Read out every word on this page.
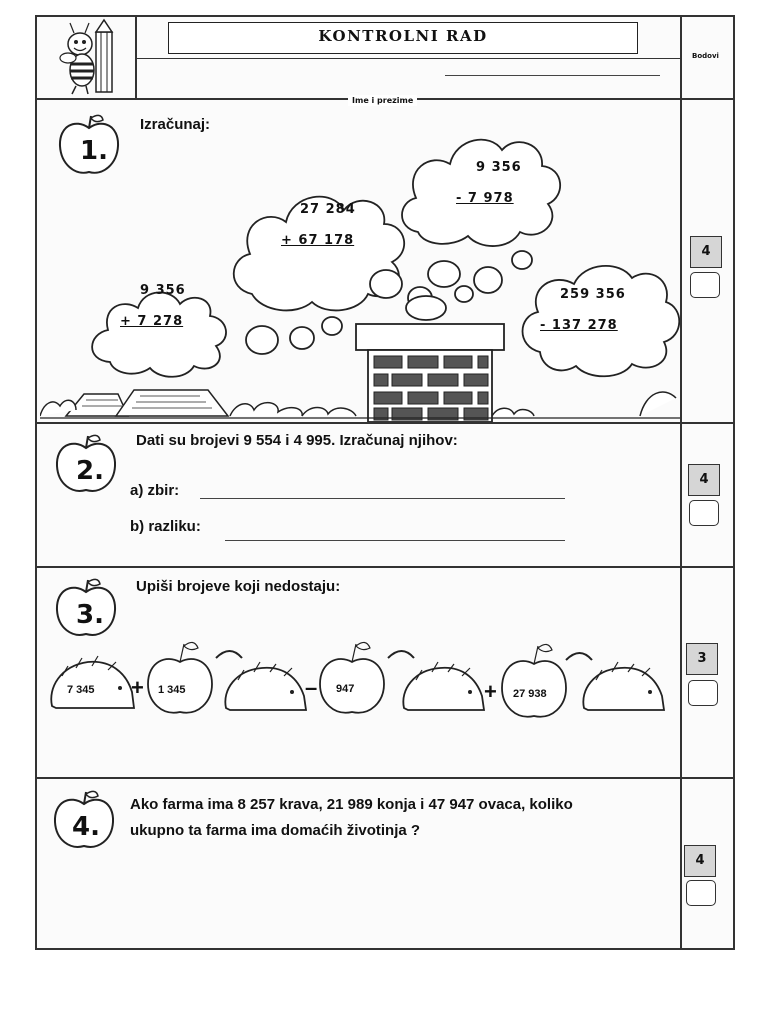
KONTROLNI RAD
Ime i prezime
Bodovi
1.
Izračunaj:
9 356
+ 7 278
27 284
+ 67 178
9 356
- 7 978
259 356
- 137 278
4
2.
Dati su brojevi 9 554 i 4 995. Izračunaj njihov:
a) zbir:
b) razliku:
4
3.
Upiši brojeve koji nedostaju:
+	–	+
7 345	1 345	947	27 938
3
4.
Ako farma ima 8 257 krava, 21 989 konja i 47 947 ovaca, koliko
ukupno ta farma ima domaćih životinja ?
4
